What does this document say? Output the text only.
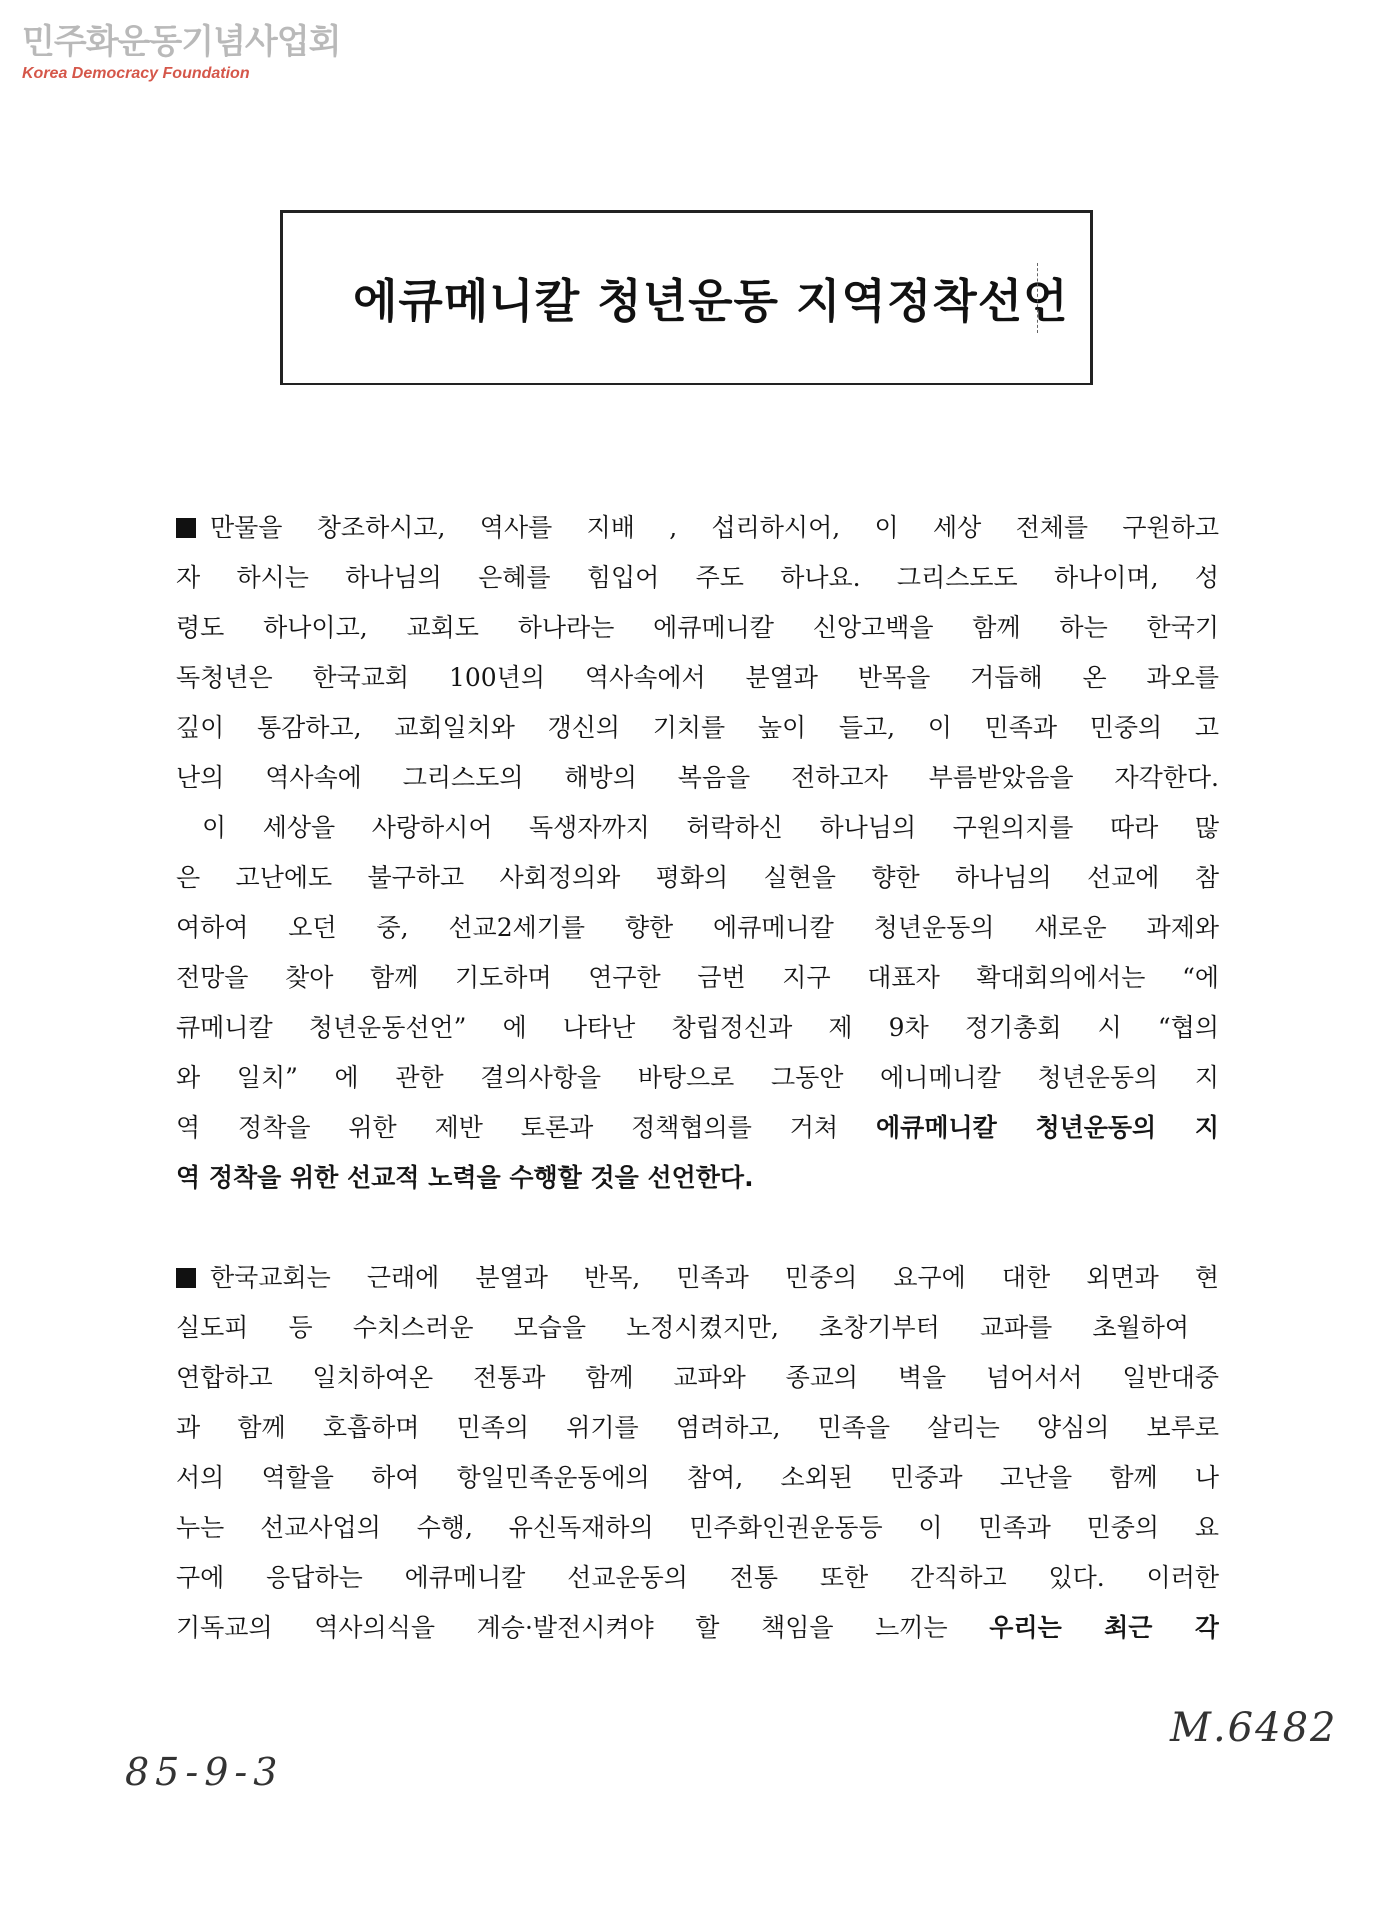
민주화운동기념사업회
Korea Democracy Foundation
에큐메니칼 청년운동 지역정착선언
만물을 창조하시고, 역사를 지배 , 섭리하시어, 이 세상 전체를 구원하고
자 하시는 하나님의 은혜를 힘입어 주도 하나요. 그리스도도 하나이며, 성
령도 하나이고, 교회도 하나라는 에큐메니칼 신앙고백을 함께 하는 한국기
독청년은 한국교회 100년의 역사속에서 분열과 반목을 거듭해 온 과오를
깊이 통감하고, 교회일치와 갱신의 기치를 높이 들고, 이 민족과 민중의 고
난의 역사속에 그리스도의 해방의 복음을 전하고자 부름받았음을 자각한다.
이 세상을 사랑하시어 독생자까지 허락하신 하나님의 구원의지를 따라 많
은 고난에도 불구하고 사회정의와 평화의 실현을 향한 하나님의 선교에 참
여하여 오던 중, 선교2세기를 향한 에큐메니칼 청년운동의 새로운 과제와
전망을 찾아 함께 기도하며 연구한 금번 지구 대표자 확대회의에서는 “에
큐메니칼 청년운동선언” 에 나타난 창립정신과 제 9차 정기총회 시 “협의
와 일치” 에 관한 결의사항을 바탕으로 그동안 에니메니칼 청년운동의 지
역 정착을 위한 제반 토론과 정책협의를 거쳐 에큐메니칼 청년운동의 지
역 정착을 위한 선교적 노력을 수행할 것을 선언한다.
한국교회는 근래에 분열과 반목, 민족과 민중의 요구에 대한 외면과 현
실도피 등 수치스러운 모습을 노정시켰지만, 초창기부터 교파를 초월하여
연합하고 일치하여온 전통과 함께 교파와 종교의 벽을 넘어서서 일반대중
과 함께 호흡하며 민족의 위기를 염려하고, 민족을 살리는 양심의 보루로
서의 역할을 하여 항일민족운동에의 참여, 소외된 민중과 고난을 함께 나
누는 선교사업의 수행, 유신독재하의 민주화인권운동등 이 민족과 민중의 요
구에 응답하는 에큐메니칼 선교운동의 전통 또한 간직하고 있다. 이러한
기독교의 역사의식을 계승·발전시켜야 할 책임을 느끼는 우리는 최근 각
M.6482
85-9-3
